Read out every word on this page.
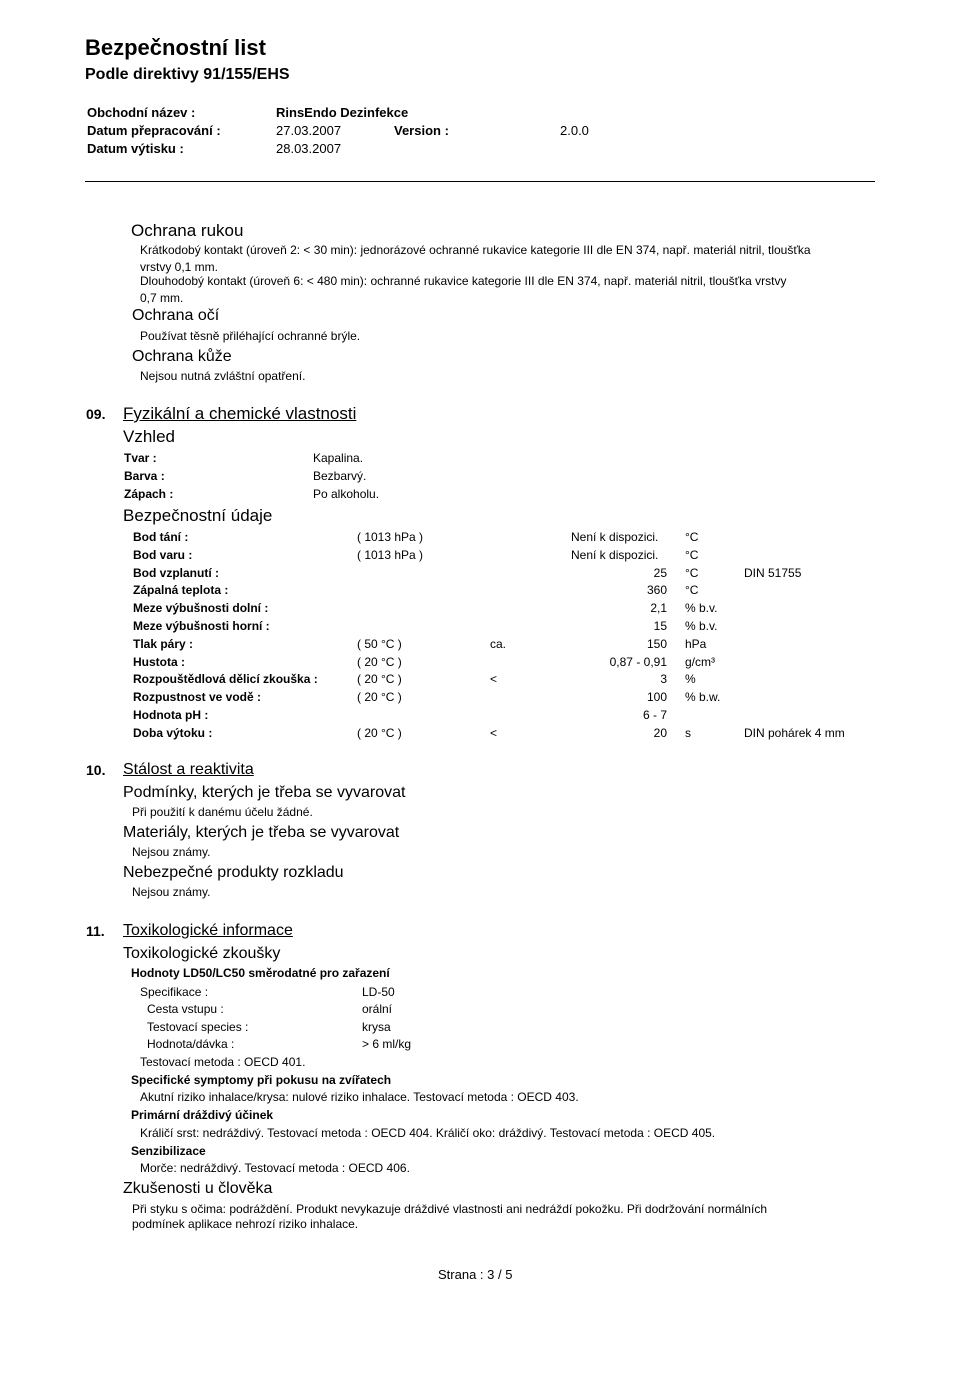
Bezpečnostní list
Podle direktivy 91/155/EHS
Obchodní název :	RinsEndo Dezinfekce
Datum přepracování :	27.03.2007	Version :	2.0.0
Datum výtisku :	28.03.2007
Ochrana rukou
Krátkodobý kontakt (úroveň 2: < 30 min): jednorázové ochranné rukavice kategorie III dle EN 374, např. materiál nitril, tloušťka
vrstvy 0,1 mm.
Dlouhodobý kontakt (úroveň 6: < 480 min): ochranné rukavice kategorie III dle EN 374, např. materiál nitril, tloušťka vrstvy
0,7 mm.
Ochrana očí
Používat těsně přiléhající ochranné brýle.
Ochrana kůže
Nejsou nutná zvláštní opatření.
09. Fyzikální a chemické vlastnosti
Vzhled
Tvar :	Kapalina.
Barva :	Bezbarvý.
Zápach :	Po alkoholu.
Bezpečnostní údaje
Bod tání :	( 1013 hPa )	Není k dispozici. °C
Bod varu :	( 1013 hPa )	Není k dispozici. °C
Bod vzplanutí :	25 °C	DIN 51755
Zápalná teplota :	360 °C
Meze výbušnosti dolní :	2,1 % b.v.
Meze výbušnosti horní :	15 % b.v.
Tlak páry :	( 50 °C )	ca.	150 hPa
Hustota :	( 20 °C )	0,87 - 0,91 g/cm³
Rozpouštědlová dělicí zkouška :	( 20 °C )	<	3 %
Rozpustnost ve vodě :	( 20 °C )	100 % b.w.
Hodnota pH :	6 - 7
Doba výtoku :	( 20 °C )	<	20 s	DIN pohárek 4 mm
10. Stálost a reaktivita
Podmínky, kterých je třeba se vyvarovat
Při použití k danému účelu žádné.
Materiály, kterých je třeba se vyvarovat
Nejsou známy.
Nebezpečné produkty rozkladu
Nejsou známy.
11. Toxikologické informace
Toxikologické zkoušky
Hodnoty LD50/LC50 směrodatné pro zařazení
Specifikace :	LD-50
Cesta vstupu :	orální
Testovací species :	krysa
Hodnota/dávka :	> 6 ml/kg
Testovací metoda : OECD 401.
Specifické symptomy při pokusu na zvířatech
Akutní riziko inhalace/krysa: nulové riziko inhalace. Testovací metoda : OECD 403.
Primární dráždivý účinek
Králičí srst: nedráždivý. Testovací metoda : OECD 404. Králičí oko: dráždivý. Testovací metoda : OECD 405.
Senzibilizace
Morče: nedráždivý. Testovací metoda : OECD 406.
Zkušenosti u člověka
Při styku s očima: podráždění. Produkt nevykazuje dráždivé vlastnosti ani nedráždí pokožku. Při dodržování normálních
podmínek aplikace nehrozí riziko inhalace.
Strana : 3 / 5
